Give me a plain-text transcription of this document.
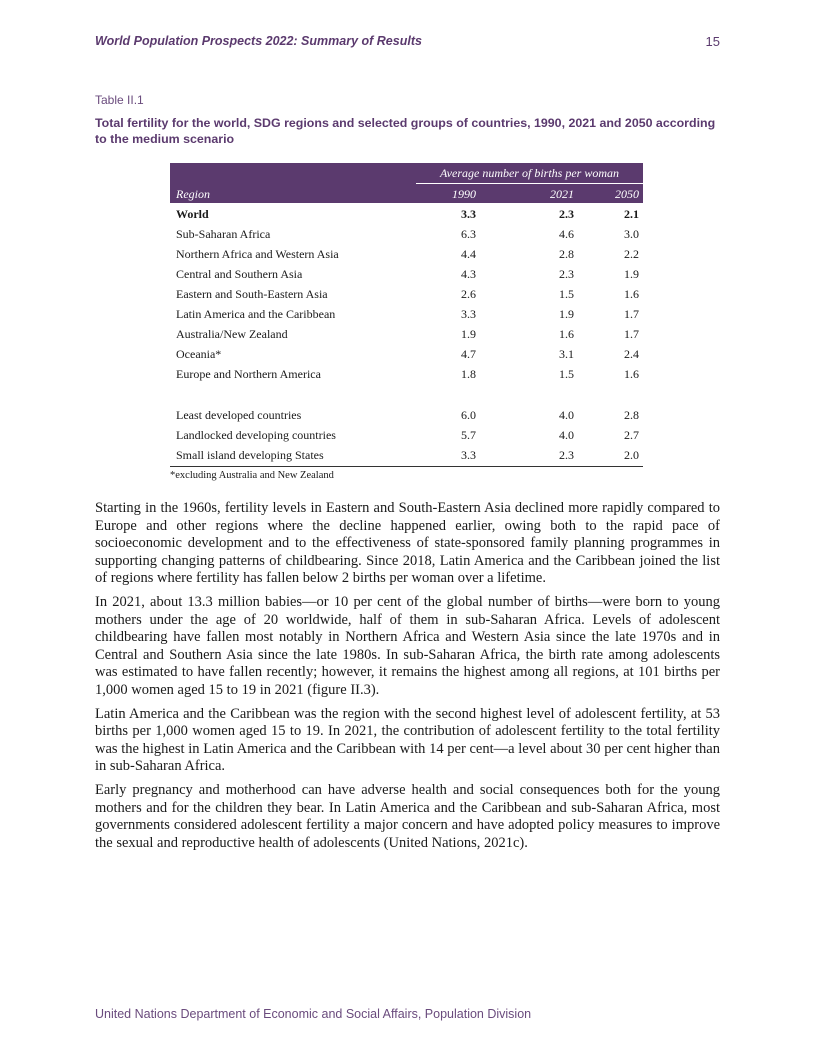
World Population Prospects 2022: Summary of Results	15
Table II.1
Total fertility for the world, SDG regions and selected groups of countries, 1990, 2021 and 2050 according to the medium scenario
Average number of births per woman
Region	1990	2021	2050
World	3.3	2.3	2.1
Sub-Saharan Africa	6.3	4.6	3.0
Northern Africa and Western Asia	4.4	2.8	2.2
Central and Southern Asia	4.3	2.3	1.9
Eastern and South-Eastern Asia	2.6	1.5	1.6
Latin America and the Caribbean	3.3	1.9	1.7
Australia/New Zealand	1.9	1.6	1.7
Oceania*	4.7	3.1	2.4
Europe and Northern America	1.8	1.5	1.6
Least developed countries	6.0	4.0	2.8
Landlocked developing countries	5.7	4.0	2.7
Small island developing States	3.3	2.3	2.0
*excluding Australia and New Zealand

Starting in the 1960s, fertility levels in Eastern and South-Eastern Asia declined more rapidly compared to Europe and other regions where the decline happened earlier, owing both to the rapid pace of socioeconomic development and to the effectiveness of state-sponsored family planning programmes in supporting changing patterns of childbearing. Since 2018, Latin America and the Caribbean joined the list of regions where fertility has fallen below 2 births per woman over a lifetime.

In 2021, about 13.3 million babies—or 10 per cent of the global number of births—were born to young mothers under the age of 20 worldwide, half of them in sub-Saharan Africa. Levels of adolescent childbearing have fallen most notably in Northern Africa and Western Asia since the late 1970s and in Central and Southern Asia since the late 1980s. In sub-Saharan Africa, the birth rate among adolescents was estimated to have fallen recently; however, it remains the highest among all regions, at 101 births per 1,000 women aged 15 to 19 in 2021 (figure II.3).

Latin America and the Caribbean was the region with the second highest level of adolescent fertility, at 53 births per 1,000 women aged 15 to 19. In 2021, the contribution of adolescent fertility to the total fertility was the highest in Latin America and the Caribbean with 14 per cent—a level about 30 per cent higher than in sub-Saharan Africa.

Early pregnancy and motherhood can have adverse health and social consequences both for the young mothers and for the children they bear. In Latin America and the Caribbean and sub-Saharan Africa, most governments considered adolescent fertility a major concern and have adopted policy measures to improve the sexual and reproductive health of adolescents (United Nations, 2021c).

United Nations Department of Economic and Social Affairs, Population Division
